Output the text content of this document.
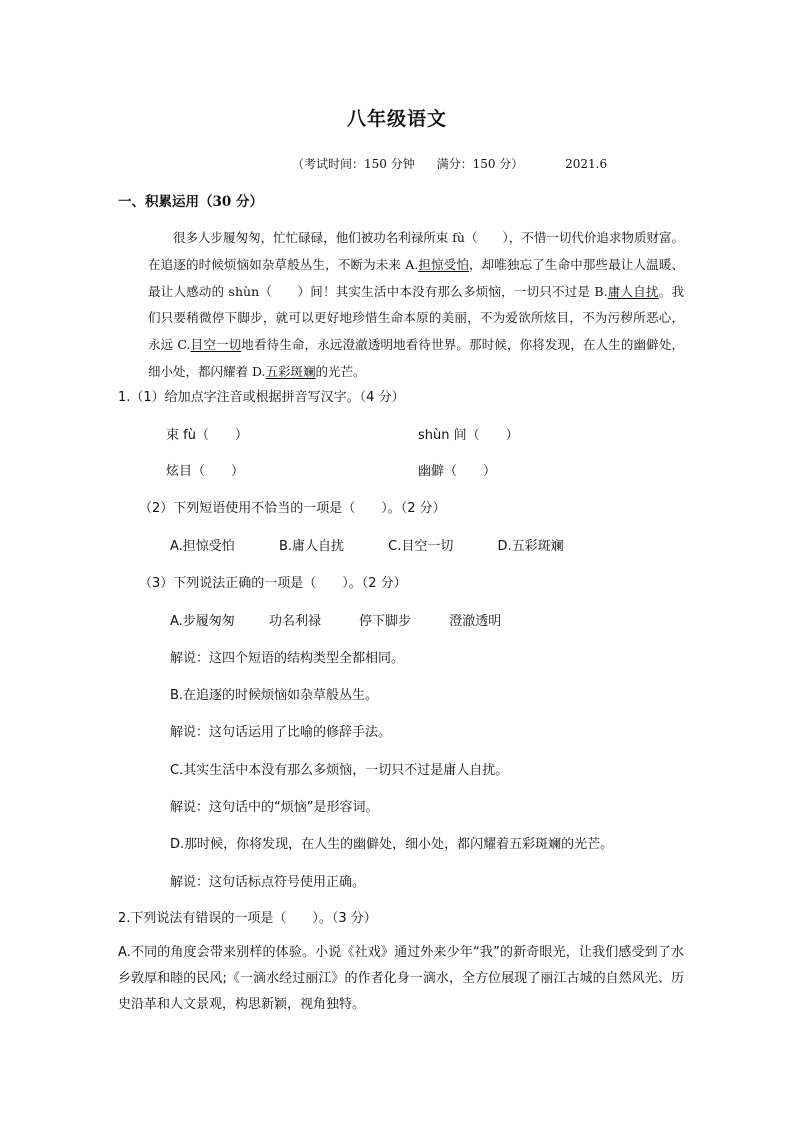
八年级语文
（考试时间：150 分钟 满分：150 分）	2021.6
一、积累运用（30 分）

很多人步履匆匆，忙忙碌碌，他们被功名利禄所束 fù（　　），不惜一切代价追求物质财富。在追逐的时候烦恼如杂草般丛生，不断为未来 A.担惊受怕，却唯独忘了生命中那些最让人温暖、最让人感动的 shùn（　　）间！其实生活中本没有那么多烦恼，一切只不过是 B.庸人自扰。我们只要稍微停下脚步，就可以更好地珍惜生命本原的美丽，不为爱欲所炫目，不为污秽所恶心，永远 C.目空一切地看待生命，永远澄澈透明地看待世界。那时候，你将发现，在人生的幽僻处，细小处，都闪耀着 D.五彩斑斓的光芒。

1.（1）给加点字注音或根据拼音写汉字。（4 分）
束 fù（　　）	shùn 间（　　）
炫目（　　）	幽僻（　　）
（2）下列短语使用不恰当的一项是（　　）。（2 分）
A.担惊受怕	B.庸人自扰	C.目空一切	D.五彩斑斓
（3）下列说法正确的一项是（　　）。（2 分）
A.步履匆匆	功名利禄	停下脚步	澄澈透明
解说：这四个短语的结构类型全都相同。
B.在追逐的时候烦恼如杂草般丛生。
解说：这句话运用了比喻的修辞手法。
C.其实生活中本没有那么多烦恼，一切只不过是庸人自扰。
解说：这句话中的“烦恼”是形容词。
D.那时候，你将发现，在人生的幽僻处，细小处，都闪耀着五彩斑斓的光芒。
解说：这句话标点符号使用正确。
2.下列说法有错误的一项是（　　）。（3 分）
A.不同的角度会带来别样的体验。小说《社戏》通过外来少年“我”的新奇眼光，让我们感受到了水乡敦厚和睦的民风;《一滴水经过丽江》的作者化身一滴水，全方位展现了丽江古城的自然风光、历史沿革和人文景观，构思新颖，视角独特。
